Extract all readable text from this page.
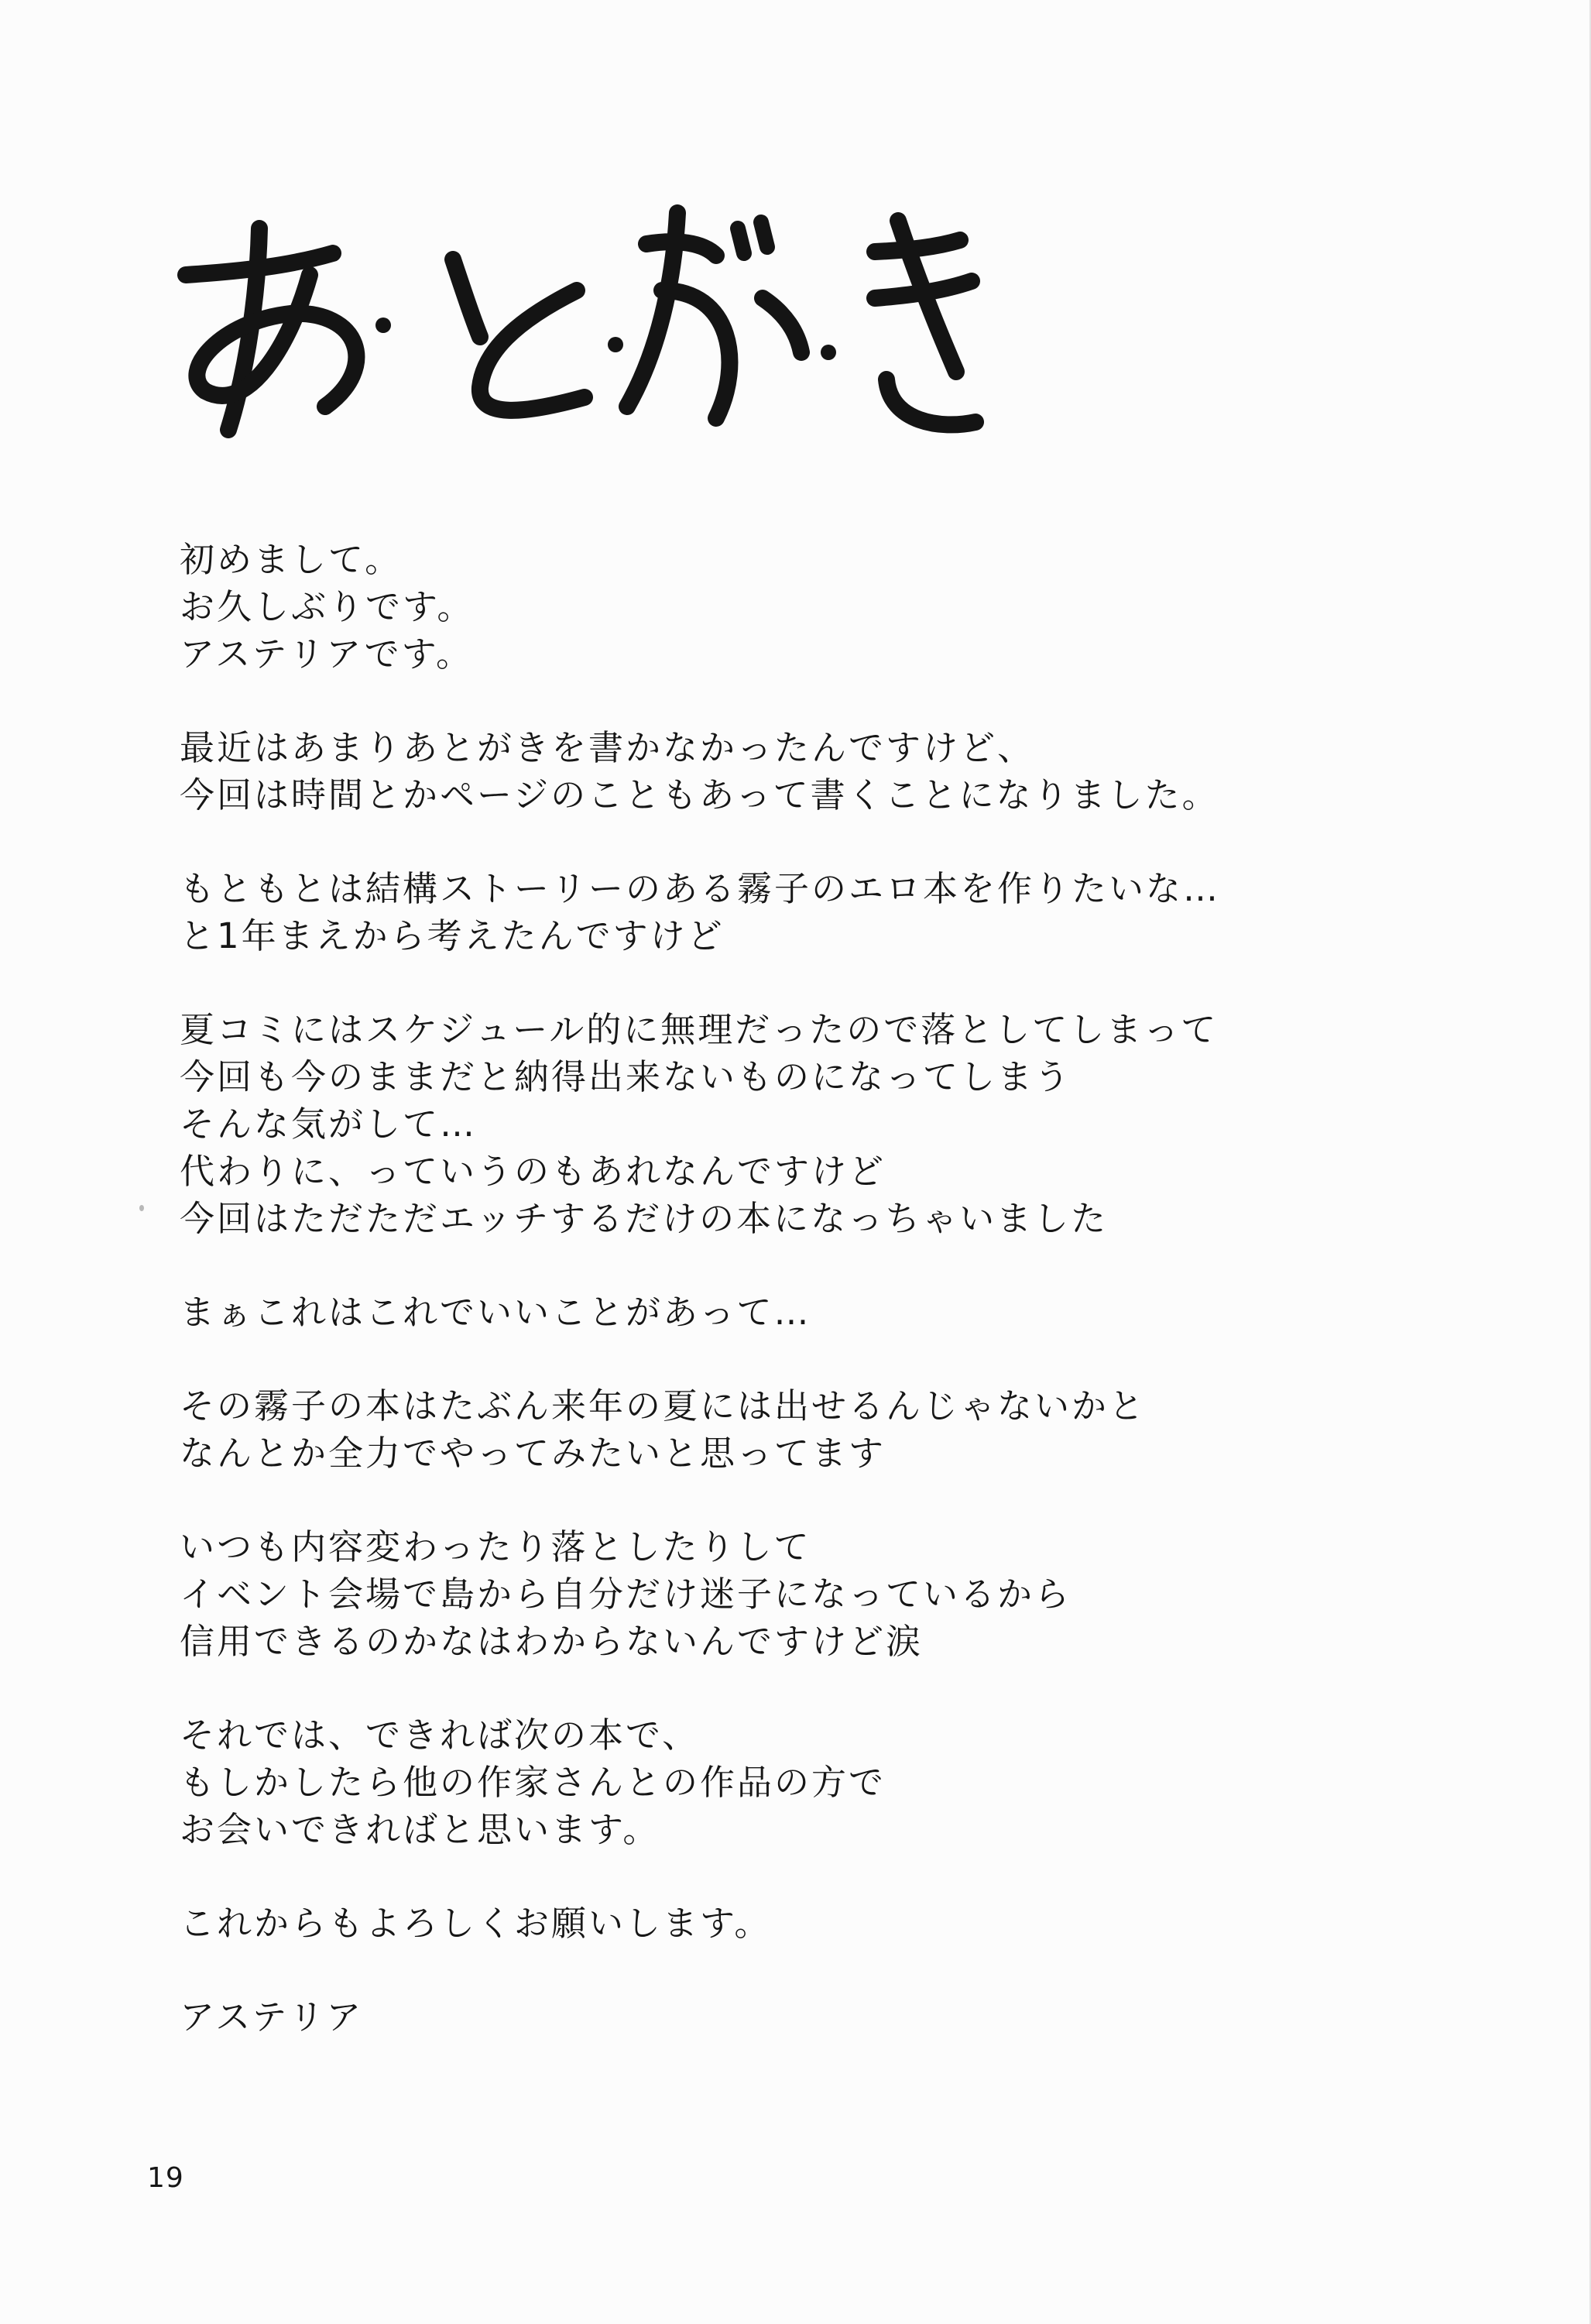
初めまして。
お久しぶりです。
アステリアです。
最近はあまりあとがきを書かなかったんですけど、
今回は時間とかページのこともあって書くことになりました。
もともとは結構ストーリーのある霧子のエロ本を作りたいな…
と1年まえから考えたんですけど
夏コミにはスケジュール的に無理だったので落としてしまって
今回も今のままだと納得出来ないものになってしまう
そんな気がして…
代わりに、っていうのもあれなんですけど
今回はただただエッチするだけの本になっちゃいました
まぁこれはこれでいいことがあって…
その霧子の本はたぶん来年の夏には出せるんじゃないかと
なんとか全力でやってみたいと思ってます
いつも内容変わったり落としたりして
イベント会場で島から自分だけ迷子になっているから
信用できるのかなはわからないんですけど涙
それでは、できれば次の本で、
もしかしたら他の作家さんとの作品の方で
お会いできればと思います。
これからもよろしくお願いします。
アステリア
19
